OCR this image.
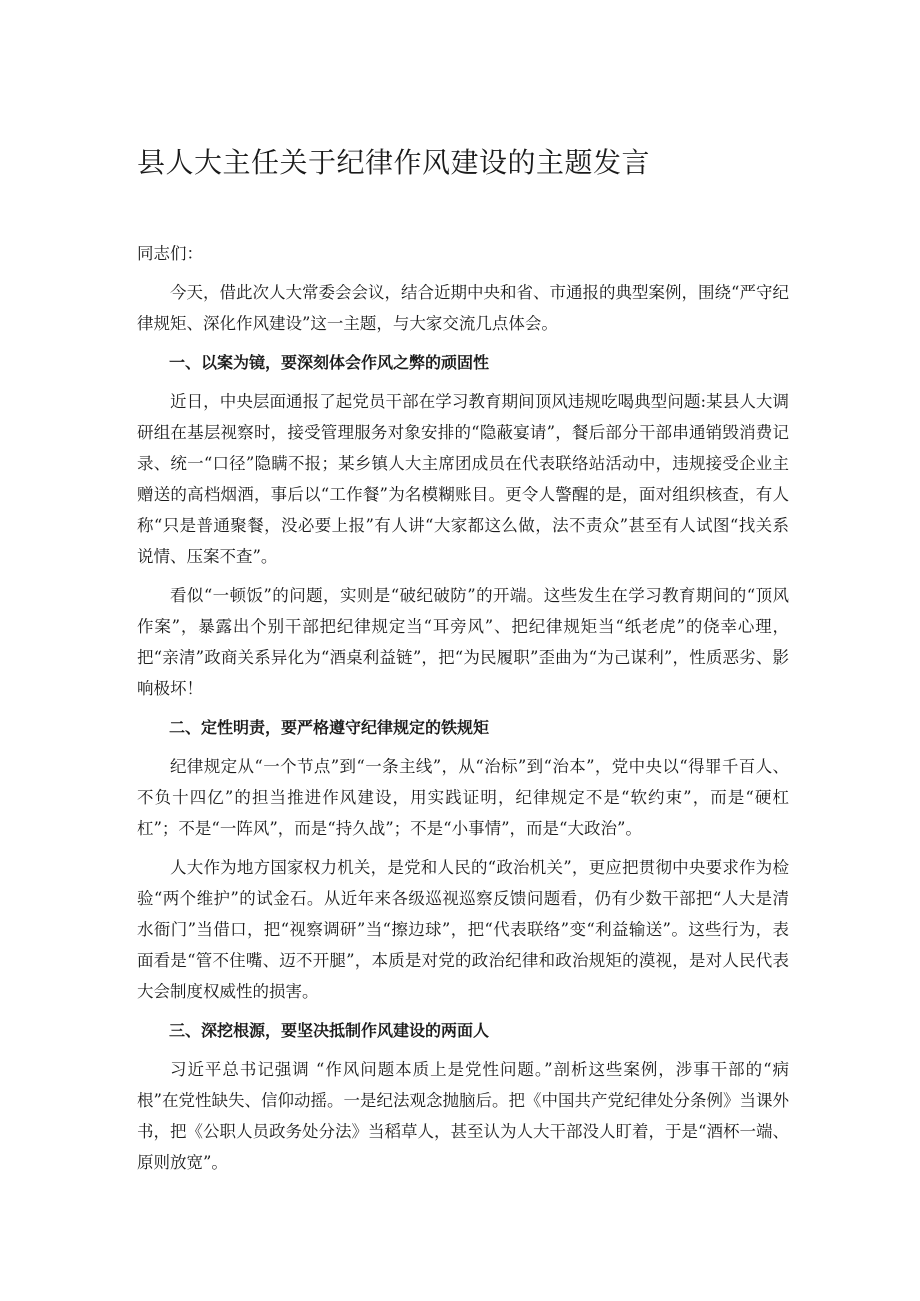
县人大主任关于纪律作风建设的主题发言

同志们：

今天，借此次人大常委会会议，结合近期中央和省、市通报的典型案例，围绕“严守纪律规矩、深化作风建设”这一主题，与大家交流几点体会。

一、以案为镜，要深刻体会作风之弊的顽固性

近日，中央层面通报了起党员干部在学习教育期间顶风违规吃喝典型问题:某县人大调研组在基层视察时，接受管理服务对象安排的“隐蔽宴请”，餐后部分干部串通销毁消费记录、统一“口径”隐瞒不报；某乡镇人大主席团成员在代表联络站活动中，违规接受企业主赠送的高档烟酒，事后以“工作餐”为名模糊账目。更令人警醒的是，面对组织核查，有人称“只是普通聚餐，没必要上报”有人讲“大家都这么做，法不责众”甚至有人试图“找关系说情、压案不查”。

看似“一顿饭”的问题，实则是“破纪破防”的开端。这些发生在学习教育期间的“顶风作案”，暴露出个别干部把纪律规定当“耳旁风”、把纪律规矩当“纸老虎”的侥幸心理，把“亲清”政商关系异化为“酒桌利益链”，把“为民履职”歪曲为“为己谋利”，性质恶劣、影响极坏！

二、定性明责，要严格遵守纪律规定的铁规矩

纪律规定从“一个节点”到“一条主线”，从“治标”到“治本”，党中央以“得罪千百人、不负十四亿”的担当推进作风建设，用实践证明，纪律规定不是“软约束”，而是“硬杠杠”；不是“一阵风”，而是“持久战”；不是“小事情”，而是“大政治”。

人大作为地方国家权力机关，是党和人民的“政治机关”，更应把贯彻中央要求作为检验“两个维护”的试金石。从近年来各级巡视巡察反馈问题看，仍有少数干部把“人大是清水衙门”当借口，把“视察调研”当“擦边球”，把“代表联络”变“利益输送”。这些行为，表面看是“管不住嘴、迈不开腿”，本质是对党的政治纪律和政治规矩的漠视，是对人民代表大会制度权威性的损害。

三、深挖根源，要坚决抵制作风建设的两面人

习近平总书记强调 “作风问题本质上是党性问题。”剖析这些案例，涉事干部的“病根”在党性缺失、信仰动摇。一是纪法观念抛脑后。把《中国共产党纪律处分条例》当课外书，把《公职人员政务处分法》当稻草人，甚至认为人大干部没人盯着，于是“酒杯一端、原则放宽”。
